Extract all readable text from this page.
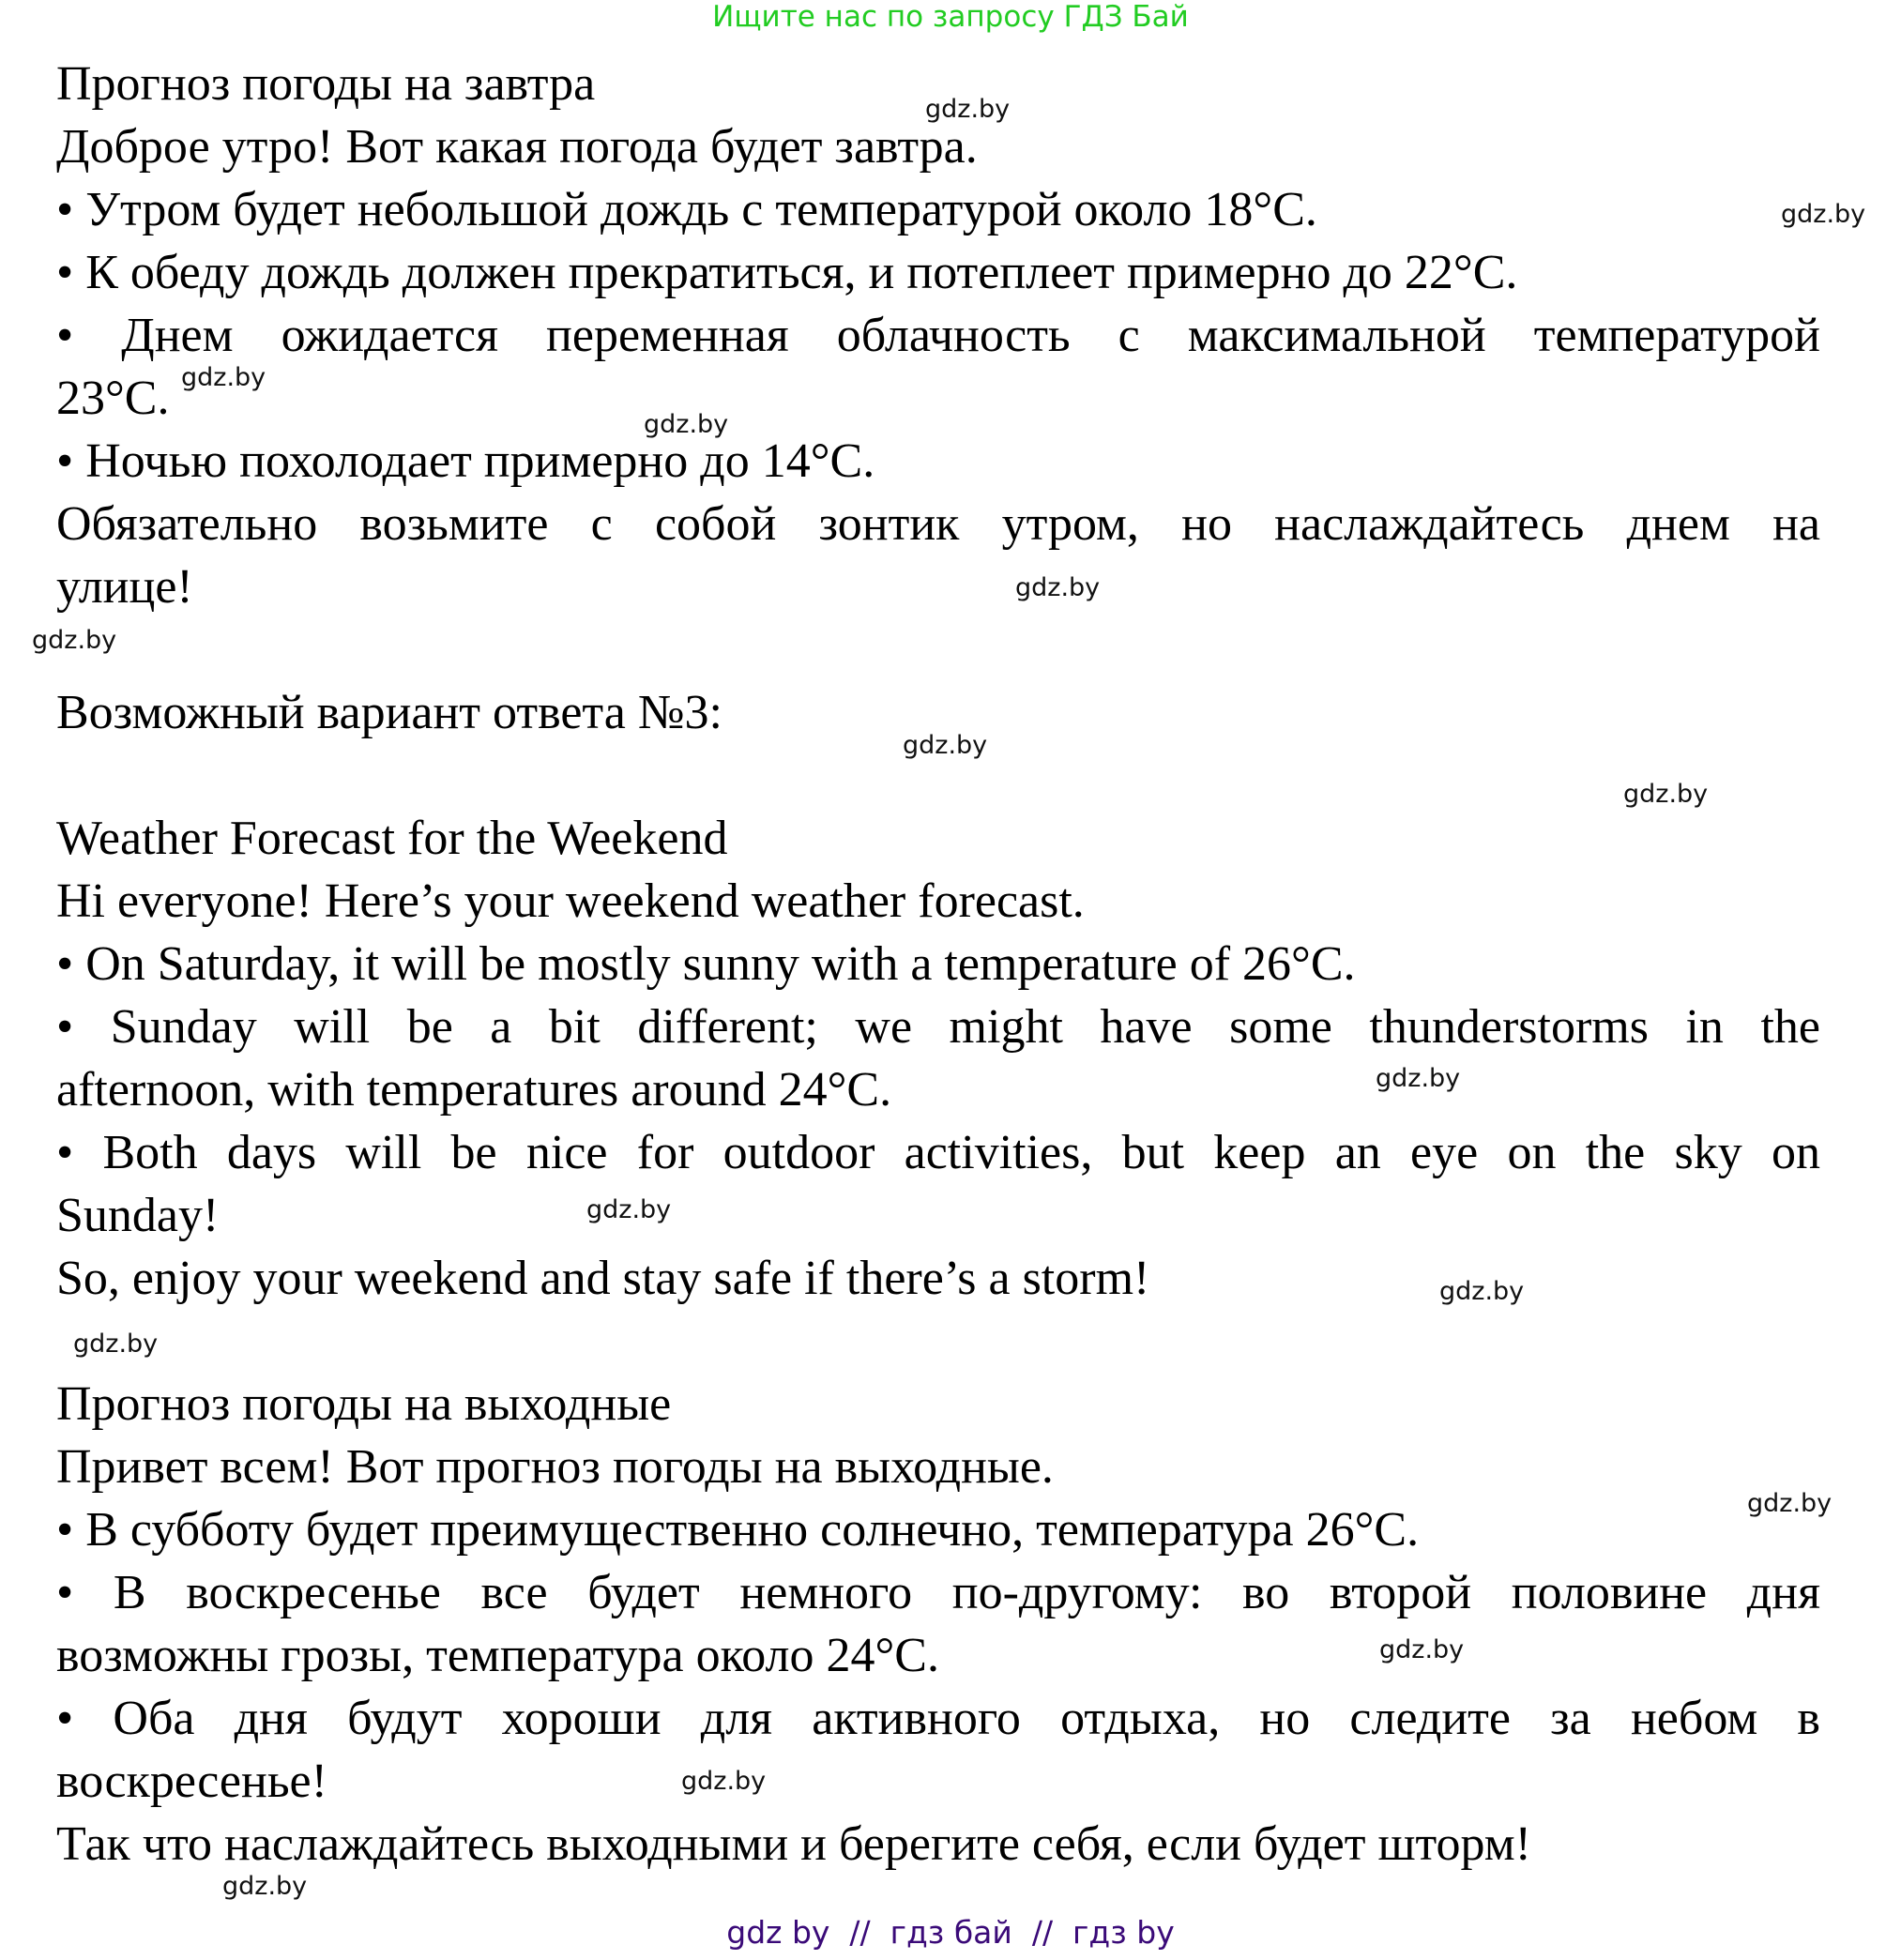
Ищите нас по запросу ГДЗ Бай
Прогноз погоды на завтра
Доброе утро! Вот какая погода будет завтра.
• Утром будет небольшой дождь с температурой около 18°C.
• К обеду дождь должен прекратиться, и потеплеет примерно до 22°C.
• Днем ожидается переменная облачность с максимальной температурой
23°C.
• Ночью похолодает примерно до 14°C.
Обязательно возьмите с собой зонтик утром, но наслаждайтесь днем на
улице!
Возможный вариант ответа №3:
Weather Forecast for the Weekend
Hi everyone! Here’s your weekend weather forecast.
• On Saturday, it will be mostly sunny with a temperature of 26°C.
• Sunday will be a bit different; we might have some thunderstorms in the
afternoon, with temperatures around 24°C.
• Both days will be nice for outdoor activities, but keep an eye on the sky on
Sunday!
So, enjoy your weekend and stay safe if there’s a storm!
Прогноз погоды на выходные
Привет всем! Вот прогноз погоды на выходные.
• В субботу будет преимущественно солнечно, температура 26°C.
• В воскресенье все будет немного по-другому: во второй половине дня
возможны грозы, температура около 24°C.
• Оба дня будут хороши для активного отдыха, но следите за небом в
воскресенье!
Так что наслаждайтесь выходными и берегите себя, если будет шторм!
gdz.by
gdz.by
gdz.by
gdz.by
gdz.by
gdz.by
gdz.by
gdz.by
gdz.by
gdz.by
gdz.by
gdz.by
gdz.by
gdz.by
gdz.by
gdz.by
gdz by  //  гдз бай  //  гдз by
